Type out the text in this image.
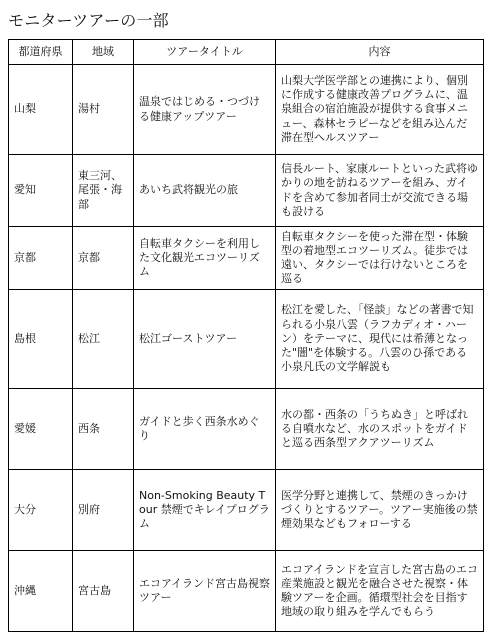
モニターツアーの一部
都道府県	地域	ツアータイトル	内容
山梨	湯村	温泉ではじめる・つづける健康アップツアー	山梨大学医学部との連携により、個別に作成する健康改善プログラムに、温泉組合の宿泊施設が提供する食事メニュー、森林セラピーなどを組み込んだ滞在型ヘルスツアー
愛知	東三河、尾張・海部	あいち武将観光の旅	信長ルート、家康ルートといった武将ゆかりの地を訪ねるツアーを組み、ガイドを含めて参加者同士が交流できる場も設ける
京都	京都	自転車タクシーを利用した文化観光エコツーリズム	自転車タクシーを使った滞在型・体験型の着地型エコツーリズム。徒歩では遠い、タクシーでは行けないところを巡る
島根	松江	松江ゴーストツアー	松江を愛した、「怪談」などの著書で知られる小泉八雲（ラフカディオ・ハーン）をテーマに、現代には希薄となった"闇"を体験する。八雲のひ孫である小泉凡氏の文学解説も
愛媛	西条	ガイドと歩く西条水めぐり	水の都・西条の「うちぬき」と呼ばれる自噴水など、水のスポットをガイドと巡る西条型アクアツーリズム
大分	別府	Non-Smoking Beauty Tour 禁煙でキレイプログラム	医学分野と連携して、禁煙のきっかけづくりとするツアー。ツアー実施後の禁煙効果などもフォローする
沖縄	宮古島	エコアイランド宮古島視察ツアー	エコアイランドを宣言した宮古島のエコ産業施設と観光を融合させた視察・体験ツアーを企画。循環型社会を目指す地域の取り組みを学んでもらう
